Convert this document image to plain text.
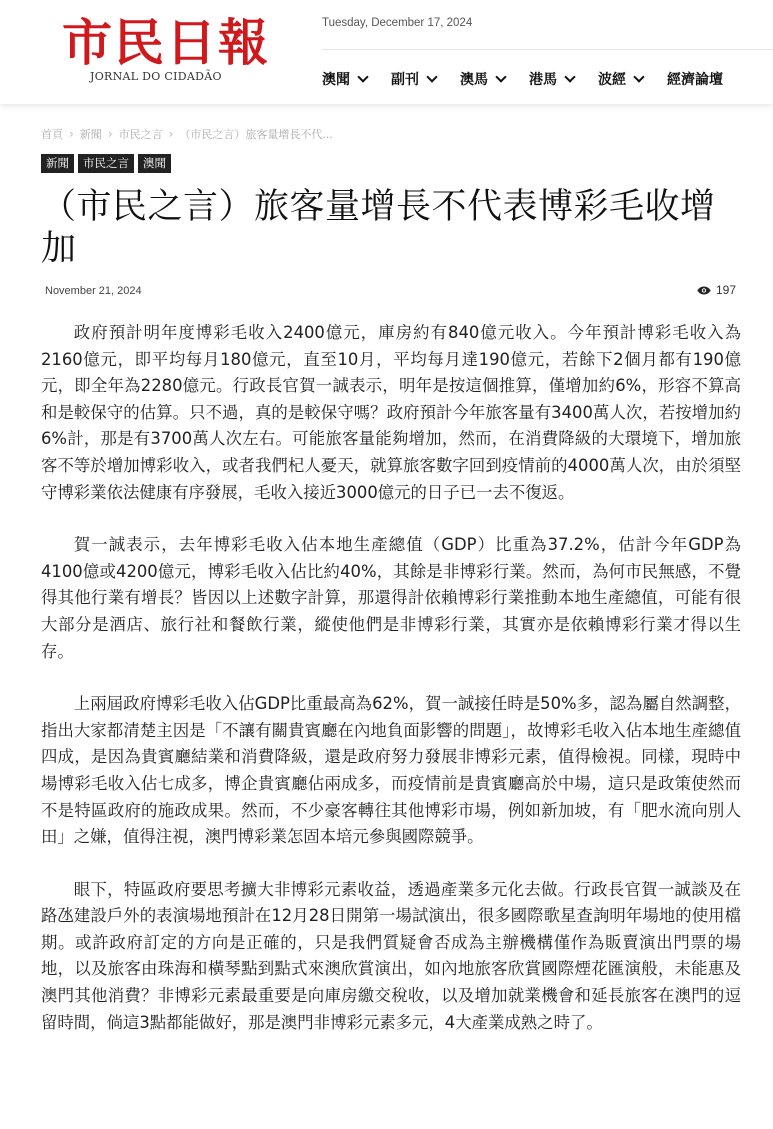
市民日報
JORNAL DO CIDADÃO
Tuesday, December 17, 2024
澳聞	副刊	澳馬	港馬	波經	經濟論壇
首頁 › 新聞 › 市民之言 › （市民之言）旅客量增長不代...
新聞	市民之言	澳聞
（市民之言）旅客量增長不代表博彩毛收增加
November 21, 2024	197

政府預計明年度博彩毛收入2400億元，庫房約有840億元收入。今年預計博彩毛收入為2160億元，即平均每月180億元，直至10月，平均每月達190億元，若餘下2個月都有190億元，即全年為2280億元。行政長官賀一誠表示，明年是按這個推算，僅增加約6%，形容不算高和是較保守的估算。只不過，真的是較保守嗎？政府預計今年旅客量有3400萬人次，若按增加約6%計，那是有3700萬人次左右。可能旅客量能夠增加，然而，在消費降級的大環境下，增加旅客不等於增加博彩收入，或者我們杞人憂天，就算旅客數字回到疫情前的4000萬人次，由於須堅守博彩業依法健康有序發展，毛收入接近3000億元的日子已一去不復返。

賀一誠表示，去年博彩毛收入佔本地生產總值（GDP）比重為37.2%，估計今年GDP為4100億或4200億元，博彩毛收入佔比約40%，其餘是非博彩行業。然而，為何市民無感，不覺得其他行業有增長？皆因以上述數字計算，那還得計依賴博彩行業推動本地生產總值，可能有很大部分是酒店、旅行社和餐飲行業，縱使他們是非博彩行業，其實亦是依賴博彩行業才得以生存。

上兩屆政府博彩毛收入佔GDP比重最高為62%，賀一誠接任時是50%多，認為屬自然調整，指出大家都清楚主因是「不讓有關貴賓廳在內地負面影響的問題」，故博彩毛收入佔本地生產總值四成，是因為貴賓廳結業和消費降級，還是政府努力發展非博彩元素，值得檢視。同樣，現時中場博彩毛收入佔七成多，博企貴賓廳佔兩成多，而疫情前是貴賓廳高於中場，這只是政策使然而不是特區政府的施政成果。然而，不少豪客轉往其他博彩市場，例如新加坡，有「肥水流向別人田」之嫌，值得注視，澳門博彩業怎固本培元參與國際競爭。

眼下，特區政府要思考擴大非博彩元素收益，透過產業多元化去做。行政長官賀一誠談及在路氹建設戶外的表演場地預計在12月28日開第一場試演出，很多國際歌星查詢明年場地的使用檔期。或許政府訂定的方向是正確的，只是我們質疑會否成為主辦機構僅作為販賣演出門票的場地，以及旅客由珠海和橫琴點到點式來澳欣賞演出，如內地旅客欣賞國際煙花匯演般，未能惠及澳門其他消費？非博彩元素最重要是向庫房繳交稅收，以及增加就業機會和延長旅客在澳門的逗留時間，倘這3點都能做好，那是澳門非博彩元素多元，4大產業成熟之時了。
